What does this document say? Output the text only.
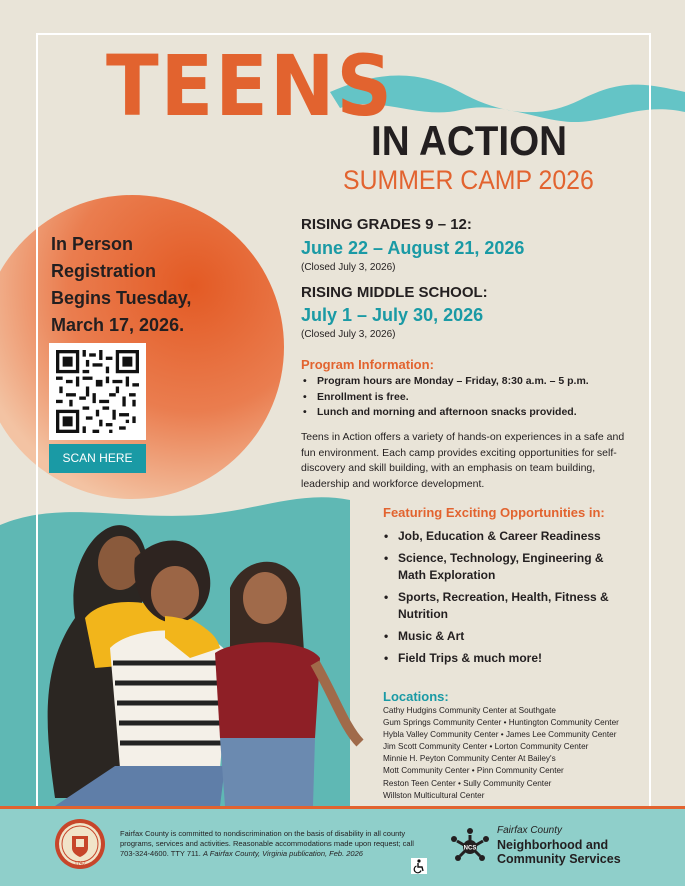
TEENS
IN ACTION
SUMMER CAMP 2026
In Person
Registration
Begins Tuesday,
March 17, 2026.
SCAN HERE
RISING GRADES 9 – 12:
June 22 – August 21, 2026
(Closed July 3, 2026)
RISING MIDDLE SCHOOL:
July 1 – July 30, 2026
(Closed July 3, 2026)
Program Information:
• Program hours are Monday – Friday, 8:30 a.m. – 5 p.m.
• Enrollment is free.
• Lunch and morning and afternoon snacks provided.
Teens in Action offers a variety of hands-on experiences in a safe and fun environment. Each camp provides exciting opportunities for self-discovery and skill building, with an emphasis on team building, leadership and workforce development.
Featuring Exciting Opportunities in:
• Job, Education & Career Readiness
• Science, Technology, Engineering & Math Exploration
• Sports, Recreation, Health, Fitness & Nutrition
• Music & Art
• Field Trips & much more!
Locations:
Cathy Hudgins Community Center at Southgate
Gum Springs Community Center • Huntington Community Center
Hybla Valley Community Center • James Lee Community Center
Jim Scott Community Center • Lorton Community Center
Minnie H. Peyton Community Center At Bailey's
Mott Community Center • Pinn Community Center
Reston Teen Center • Sully Community Center
Willston Multicultural Center
1742
Fairfax County is committed to nondiscrimination on the basis of disability in all county programs, services and activities. Reasonable accommodations made upon request; call 703-324-4600. TTY 711. A Fairfax County, Virginia publication, Feb. 2026
NCS
Fairfax County
Neighborhood and
Community Services
